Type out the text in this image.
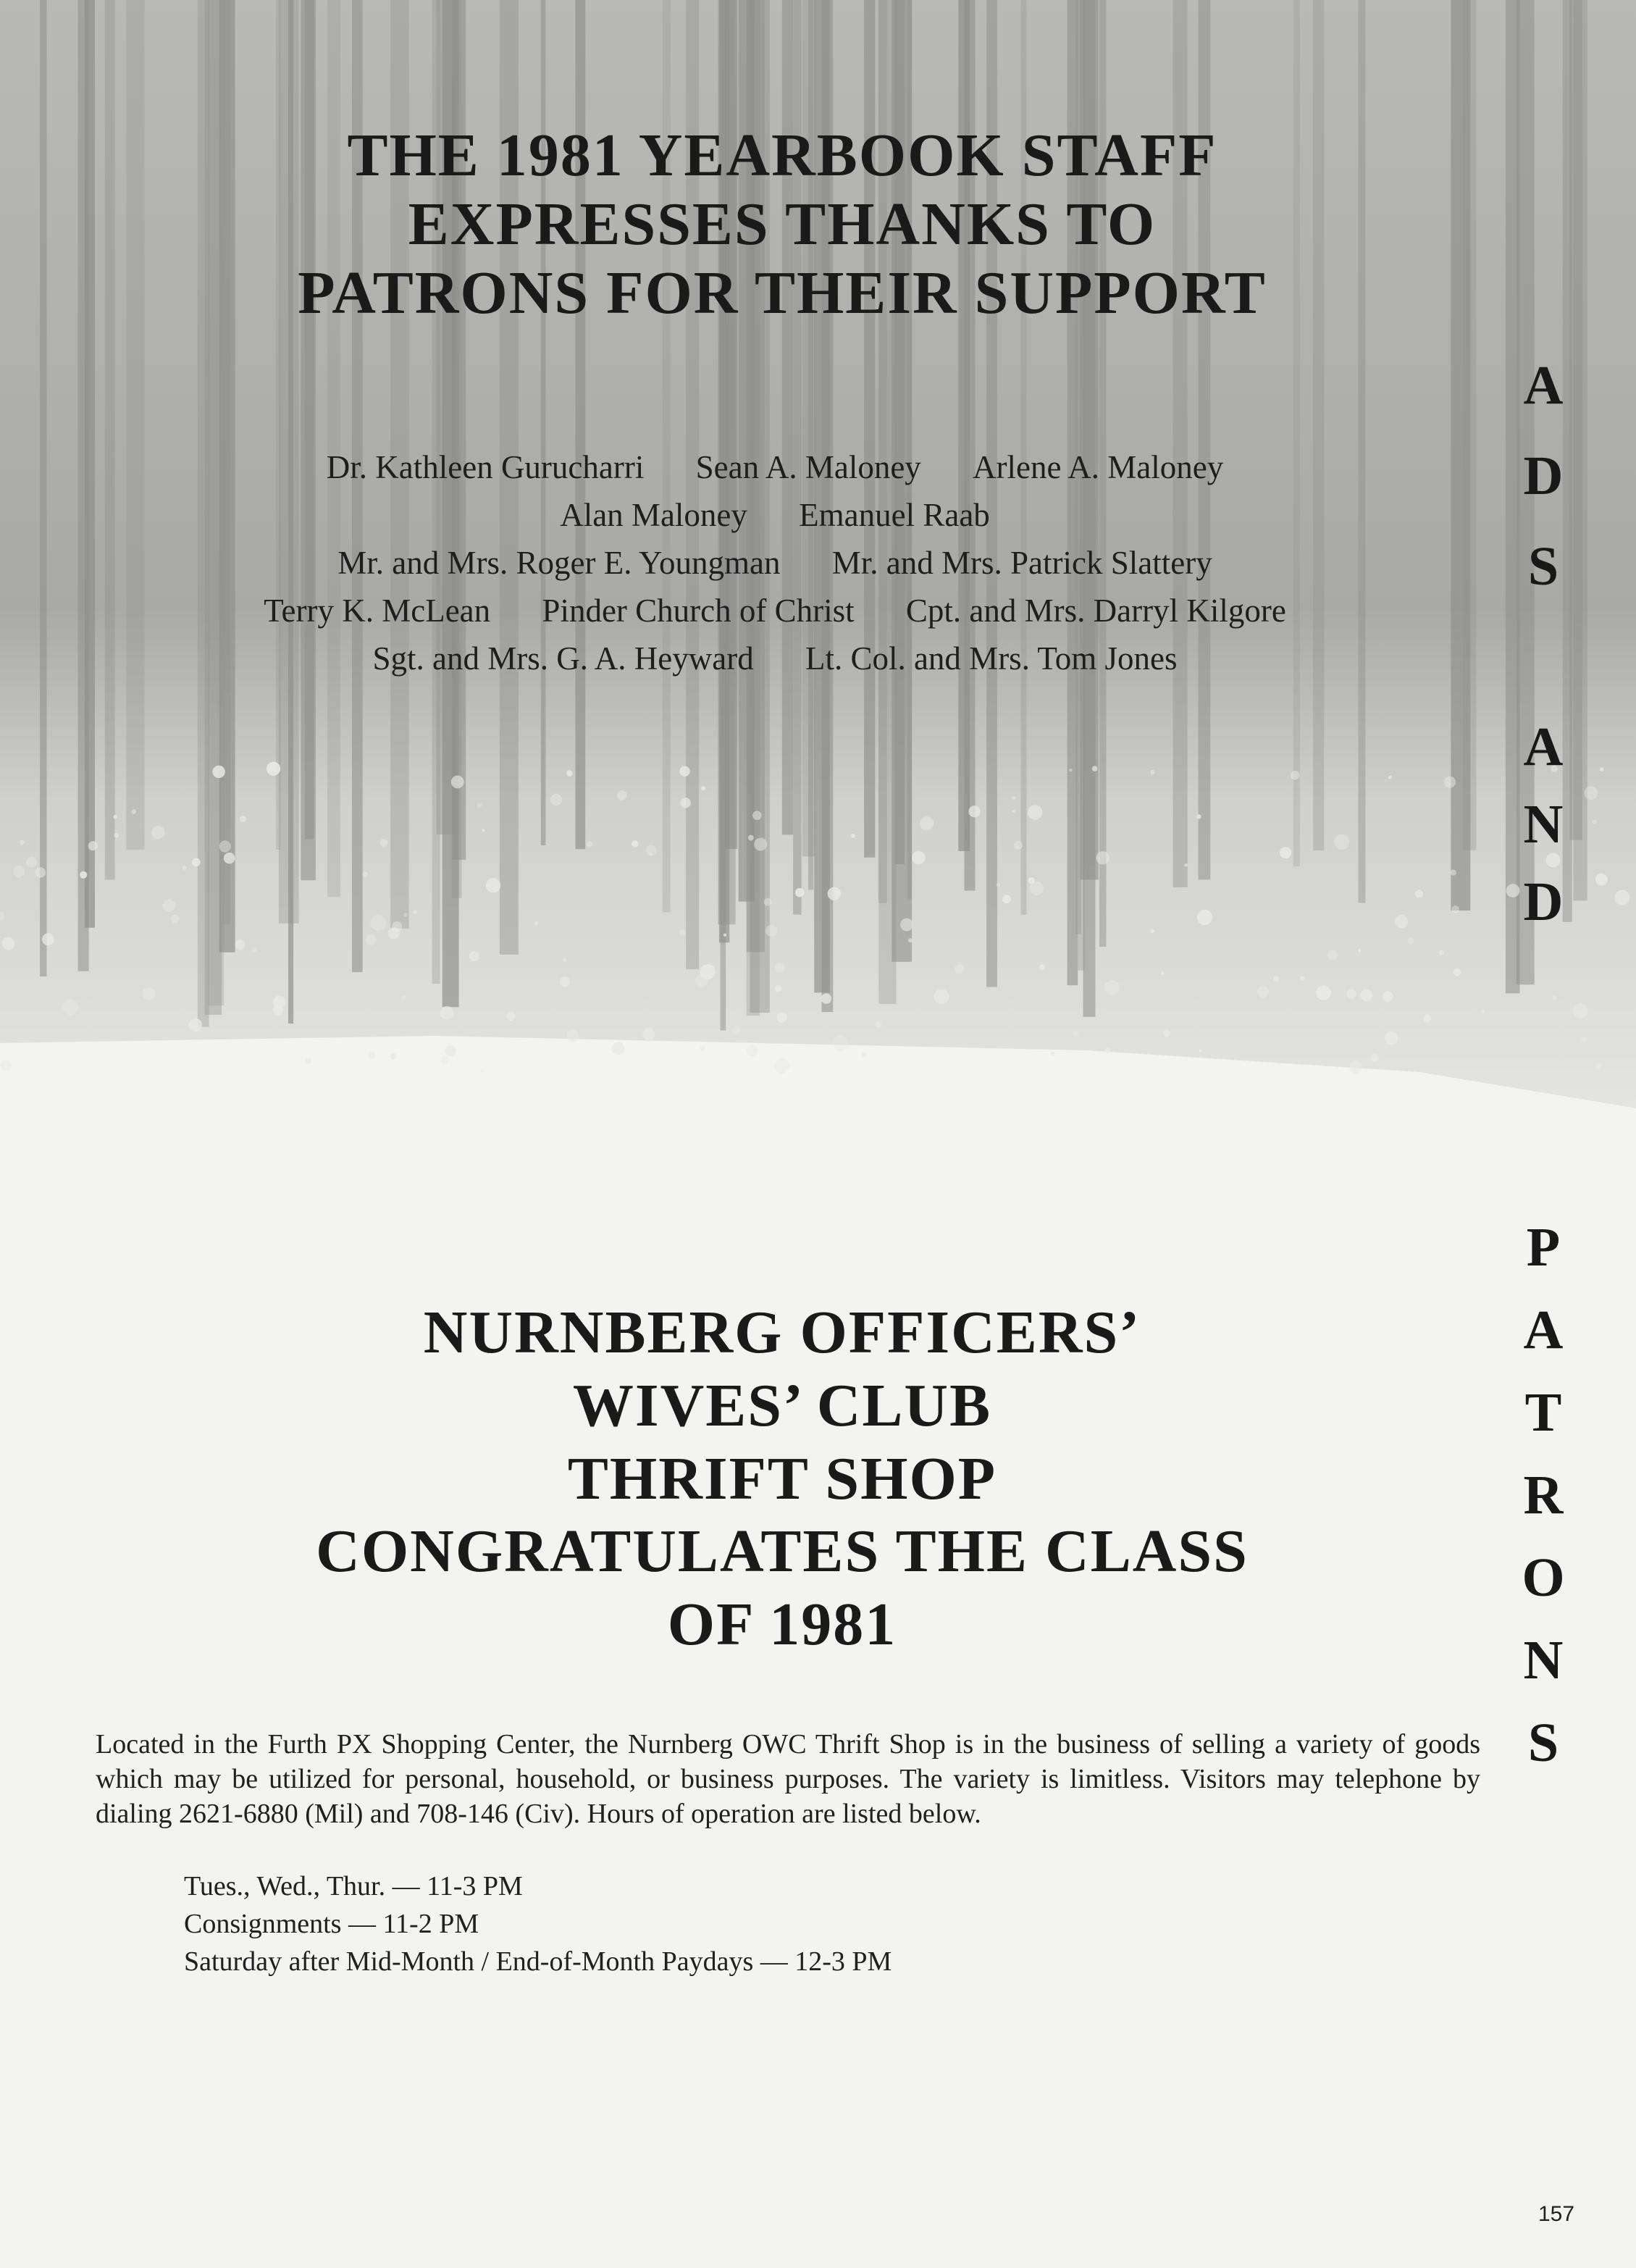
THE 1981 YEARBOOK STAFF
EXPRESSES THANKS TO
PATRONS FOR THEIR SUPPORT
Dr. Kathleen Gurucharri Sean A. Maloney Arlene A. Maloney
Alan Maloney Emanuel Raab
Mr. and Mrs. Roger E. Youngman Mr. and Mrs. Patrick Slattery
Terry K. McLean Pinder Church of Christ Cpt. and Mrs. Darryl Kilgore
Sgt. and Mrs. G. A. Heyward Lt. Col. and Mrs. Tom Jones
A
D
S
A
N
D
P
A
T
R
O
N
S
NURNBERG OFFICERS’
WIVES’ CLUB
THRIFT SHOP
CONGRATULATES THE CLASS
OF 1981

Located in the Furth PX Shopping Center, the Nurnberg OWC Thrift Shop is in the business of selling a variety of goods which may be utilized for personal, household, or business purposes. The variety is limitless. Visitors may telephone by dialing 2621-6880 (Mil) and 708-146 (Civ). Hours of operation are listed below.

Tues., Wed., Thur. — 11-3 PM
Consignments — 11-2 PM
Saturday after Mid-Month / End-of-Month Paydays — 12-3 PM
157
